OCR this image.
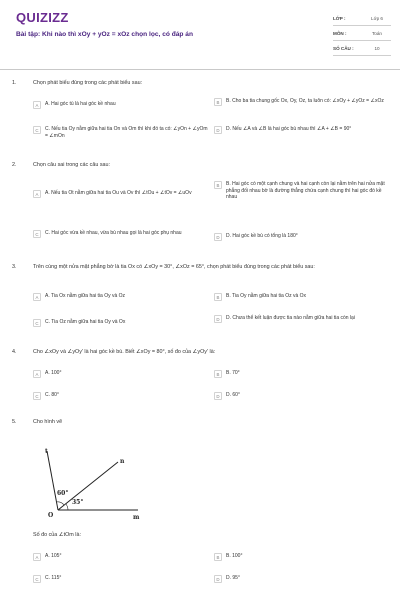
QUIZIZZ
Bài tập: Khi nào thì xOy + yOz = xOz chọn lọc, có đáp án
LỚP :	Lớp 6
MÔN :	Toán
SỐ CÂU :	10
1.	Chọn phát biểu đúng trong các phát biểu sau:
A	A. Hai góc tù là hai góc kề nhau	B	B. Cho ba tia chung gốc Ox, Oy, Oz, ta luôn có: ∠xOy + ∠yOz = ∠xOz
C	C. Nếu tia Oy nằm giữa hai tia On và Om thì khi đó ta có: ∠yOn + ∠yOm = ∠mOn
D	D. Nếu ∠A và ∠B là hai góc bù nhau thì ∠A + ∠B = 90°
2.	Chọn câu sai trong các câu sau:
A	A. Nếu tia Ot nằm giữa hai tia Ou và Ov thì ∠tOu + ∠tOv = ∠uOv
B	B. Hai góc có một cạnh chung và hai cạnh còn lại nằm trên hai nửa mặt phẳng đối nhau bờ là đường thẳng chứa cạnh chung thì hai góc đó kề nhau
C	C. Hai góc vừa kề nhau, vừa bù nhau gọi là hai góc phụ nhau
D	D. Hai góc kề bù có tổng là 180°
3.	Trên cùng một nửa mặt phẳng bờ là tia Ox có ∠xOy = 30°, ∠xOz = 65°, chọn phát biểu đúng trong các phát biểu sau:
A	A. Tia Ox nằm giữa hai tia Oy và Oz	B	B. Tia Oy nằm giữa hai tia Oz và Ox
C	C. Tia Oz nằm giữa hai tia Oy và Ox	D	D. Chưa thể kết luận được tia nào nằm giữa hai tia còn lại
4.	Cho ∠xOy và ∠yOy' là hai góc kề bù. Biết ∠xOy = 80°, số đo của ∠yOy' là:
A	A. 100°	B	B. 70°
C	C. 80°	D	D. 60°
5.	Cho hình vẽ
t
n
O	m
60°
35°
Số đo của ∠tOm là:
A	A. 105°	B	B. 100°
C	C. 115°	D	D. 95°
